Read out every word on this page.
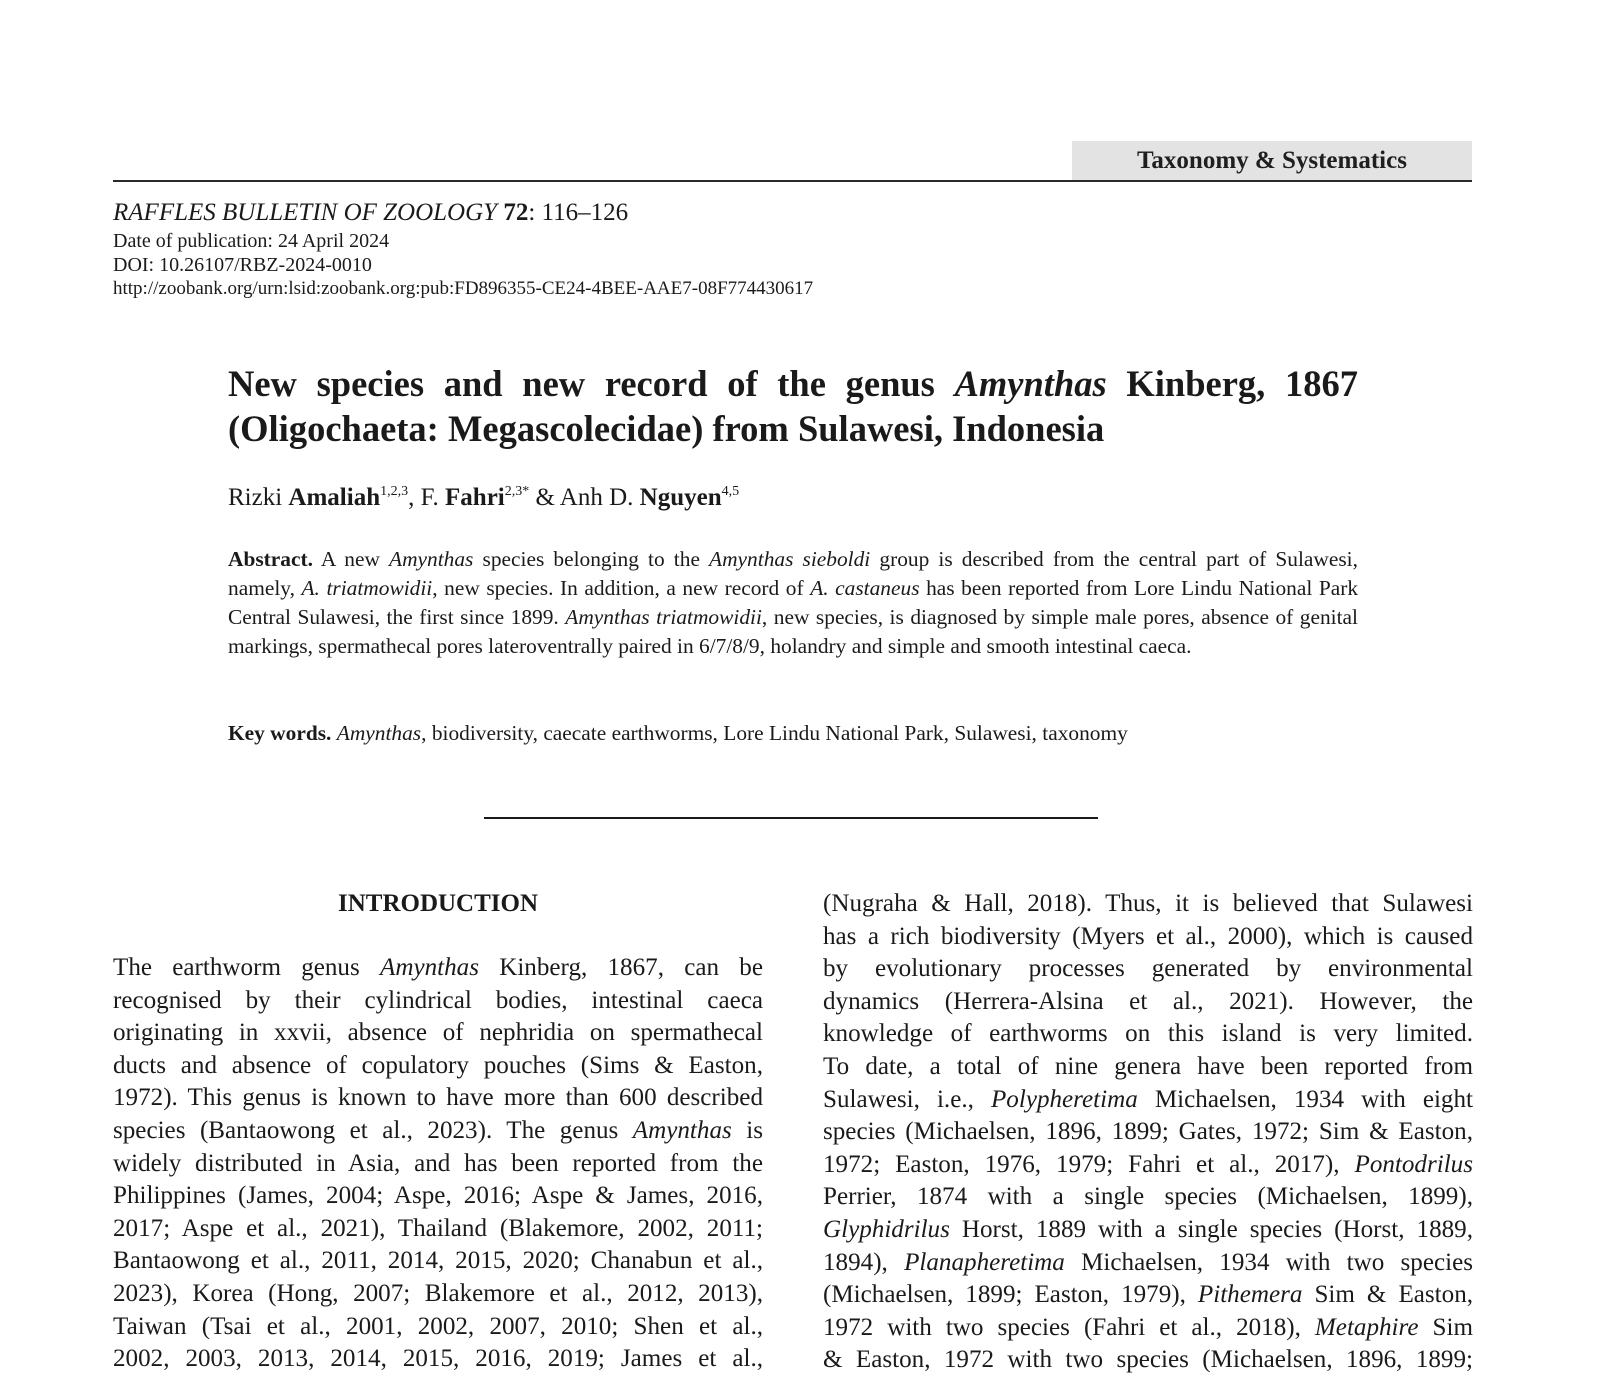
Taxonomy & Systematics
RAFFLES BULLETIN OF ZOOLOGY 72: 116–126
Date of publication: 24 April 2024
DOI: 10.26107/RBZ-2024-0010
http://zoobank.org/urn:lsid:zoobank.org:pub:FD896355-CE24-4BEE-AAE7-08F774430617
New species and new record of the genus Amynthas Kinberg, 1867 (Oligochaeta: Megascolecidae) from Sulawesi, Indonesia
Rizki Amaliah$^{1,2,3}$, F. Fahri$^{2,3*}$ & Anh D. Nguyen$^{4,5}$
Abstract. A new Amynthas species belonging to the Amynthas sieboldi group is described from the central part of Sulawesi, namely, A. triatmowidii, new species. In addition, a new record of A. castaneus has been reported from Lore Lindu National Park Central Sulawesi, the first since 1899. Amynthas triatmowidii, new species, is diagnosed by simple male pores, absence of genital markings, spermathecal pores lateroventrally paired in 6/7/8/9, holandry and simple and smooth intestinal caeca.
Key words. Amynthas, biodiversity, caecate earthworms, Lore Lindu National Park, Sulawesi, taxonomy
INTRODUCTION
The earthworm genus Amynthas Kinberg, 1867, can be
recognised by their cylindrical bodies, intestinal caeca
originating in xxvii, absence of nephridia on spermathecal
ducts and absence of copulatory pouches (Sims & Easton,
1972). This genus is known to have more than 600 described
species (Bantaowong et al., 2023). The genus Amynthas is
widely distributed in Asia, and has been reported from the
Philippines (James, 2004; Aspe, 2016; Aspe & James, 2016,
2017; Aspe et al., 2021), Thailand (Blakemore, 2002, 2011;
Bantaowong et al., 2011, 2014, 2015, 2020; Chanabun et al.,
2023), Korea (Hong, 2007; Blakemore et al., 2012, 2013),
Taiwan (Tsai et al., 2001, 2002, 2007, 2010; Shen et al.,
2002, 2003, 2013, 2014, 2015, 2016, 2019; James et al.,
(Nugraha & Hall, 2018). Thus, it is believed that Sulawesi
has a rich biodiversity (Myers et al., 2000), which is caused
by evolutionary processes generated by environmental
dynamics (Herrera-Alsina et al., 2021). However, the
knowledge of earthworms on this island is very limited.
To date, a total of nine genera have been reported from
Sulawesi, i.e., Polypheretima Michaelsen, 1934 with eight
species (Michaelsen, 1896, 1899; Gates, 1972; Sim & Easton,
1972; Easton, 1976, 1979; Fahri et al., 2017), Pontodrilus
Perrier, 1874 with a single species (Michaelsen, 1899),
Glyphidrilus Horst, 1889 with a single species (Horst, 1889,
1894), Planapheretima Michaelsen, 1934 with two species
(Michaelsen, 1899; Easton, 1979), Pithemera Sim & Easton,
1972 with two species (Fahri et al., 2018), Metaphire Sim
& Easton, 1972 with two species (Michaelsen, 1896, 1899;
